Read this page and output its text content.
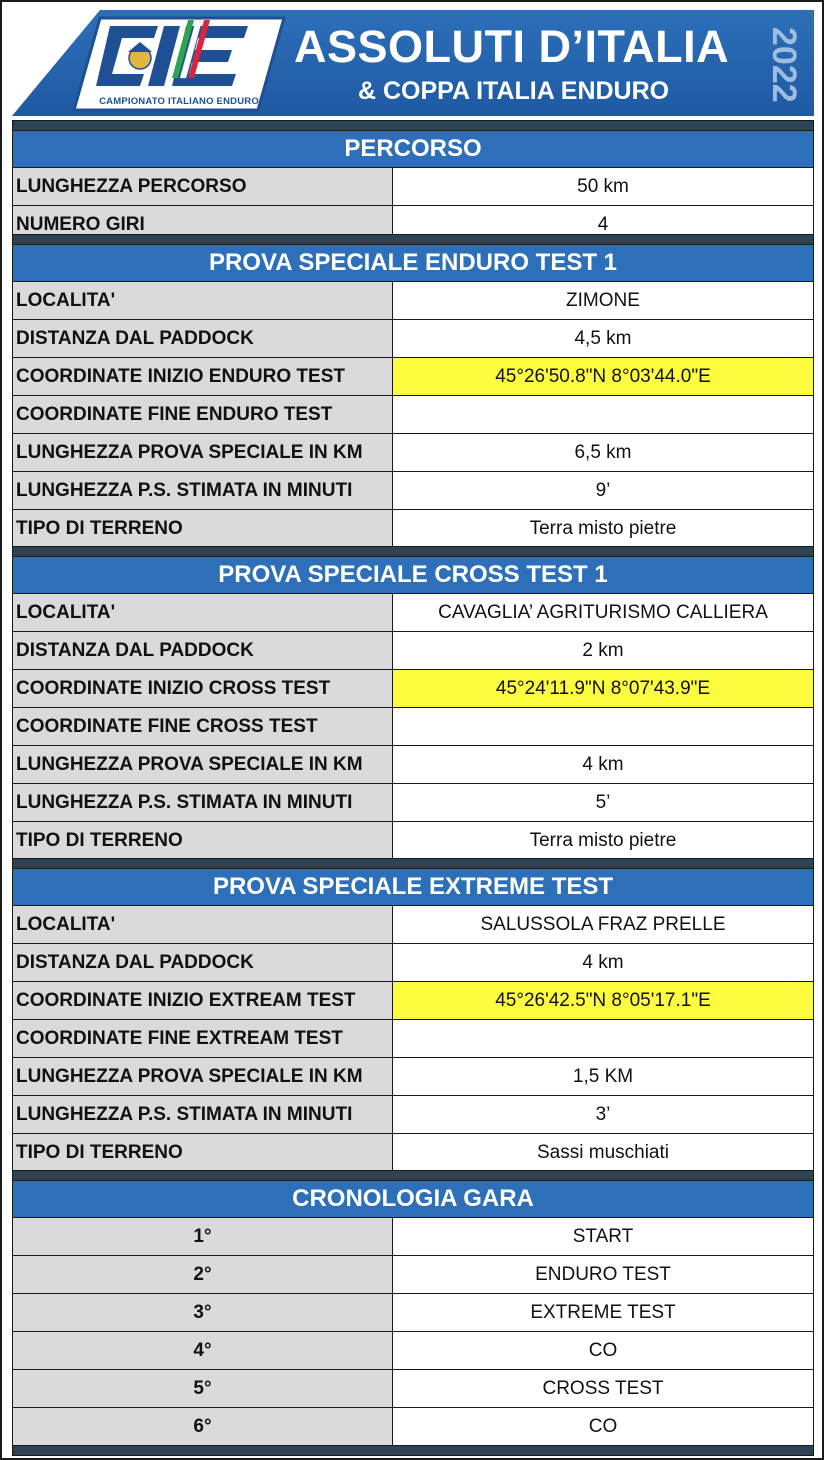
CAMPIONATO ITALIANO ENDURO
ASSOLUTI D’ITALIA
& COPPA ITALIA ENDURO	2022
PERCORSO
LUNGHEZZA PERCORSO	50 km
NUMERO GIRI	4
PROVA SPECIALE ENDURO TEST 1
LOCALITA'	ZIMONE
DISTANZA DAL PADDOCK	4,5 km
COORDINATE INIZIO ENDURO TEST	45°26'50.8"N 8°03'44.0"E
COORDINATE FINE ENDURO TEST
LUNGHEZZA PROVA SPECIALE IN KM	6,5 km
LUNGHEZZA P.S. STIMATA IN MINUTI	9’
TIPO DI TERRENO	Terra misto pietre
PROVA SPECIALE CROSS TEST 1
LOCALITA'	CAVAGLIA’ AGRITURISMO CALLIERA
DISTANZA DAL PADDOCK	2 km
COORDINATE INIZIO CROSS TEST	45°24'11.9"N 8°07'43.9"E
COORDINATE FINE CROSS TEST
LUNGHEZZA PROVA SPECIALE IN KM	4 km
LUNGHEZZA P.S. STIMATA IN MINUTI	5’
TIPO DI TERRENO	Terra misto pietre
PROVA SPECIALE EXTREME TEST
LOCALITA'	SALUSSOLA FRAZ PRELLE
DISTANZA DAL PADDOCK	4 km
COORDINATE INIZIO EXTREAM TEST	45°26'42.5"N 8°05'17.1"E
COORDINATE FINE EXTREAM TEST
LUNGHEZZA PROVA SPECIALE IN KM	1,5 KM
LUNGHEZZA P.S. STIMATA IN MINUTI	3’
TIPO DI TERRENO	Sassi muschiati
CRONOLOGIA GARA
1°	START
2°	ENDURO TEST
3°	EXTREME TEST
4°	CO
5°	CROSS TEST
6°	CO
